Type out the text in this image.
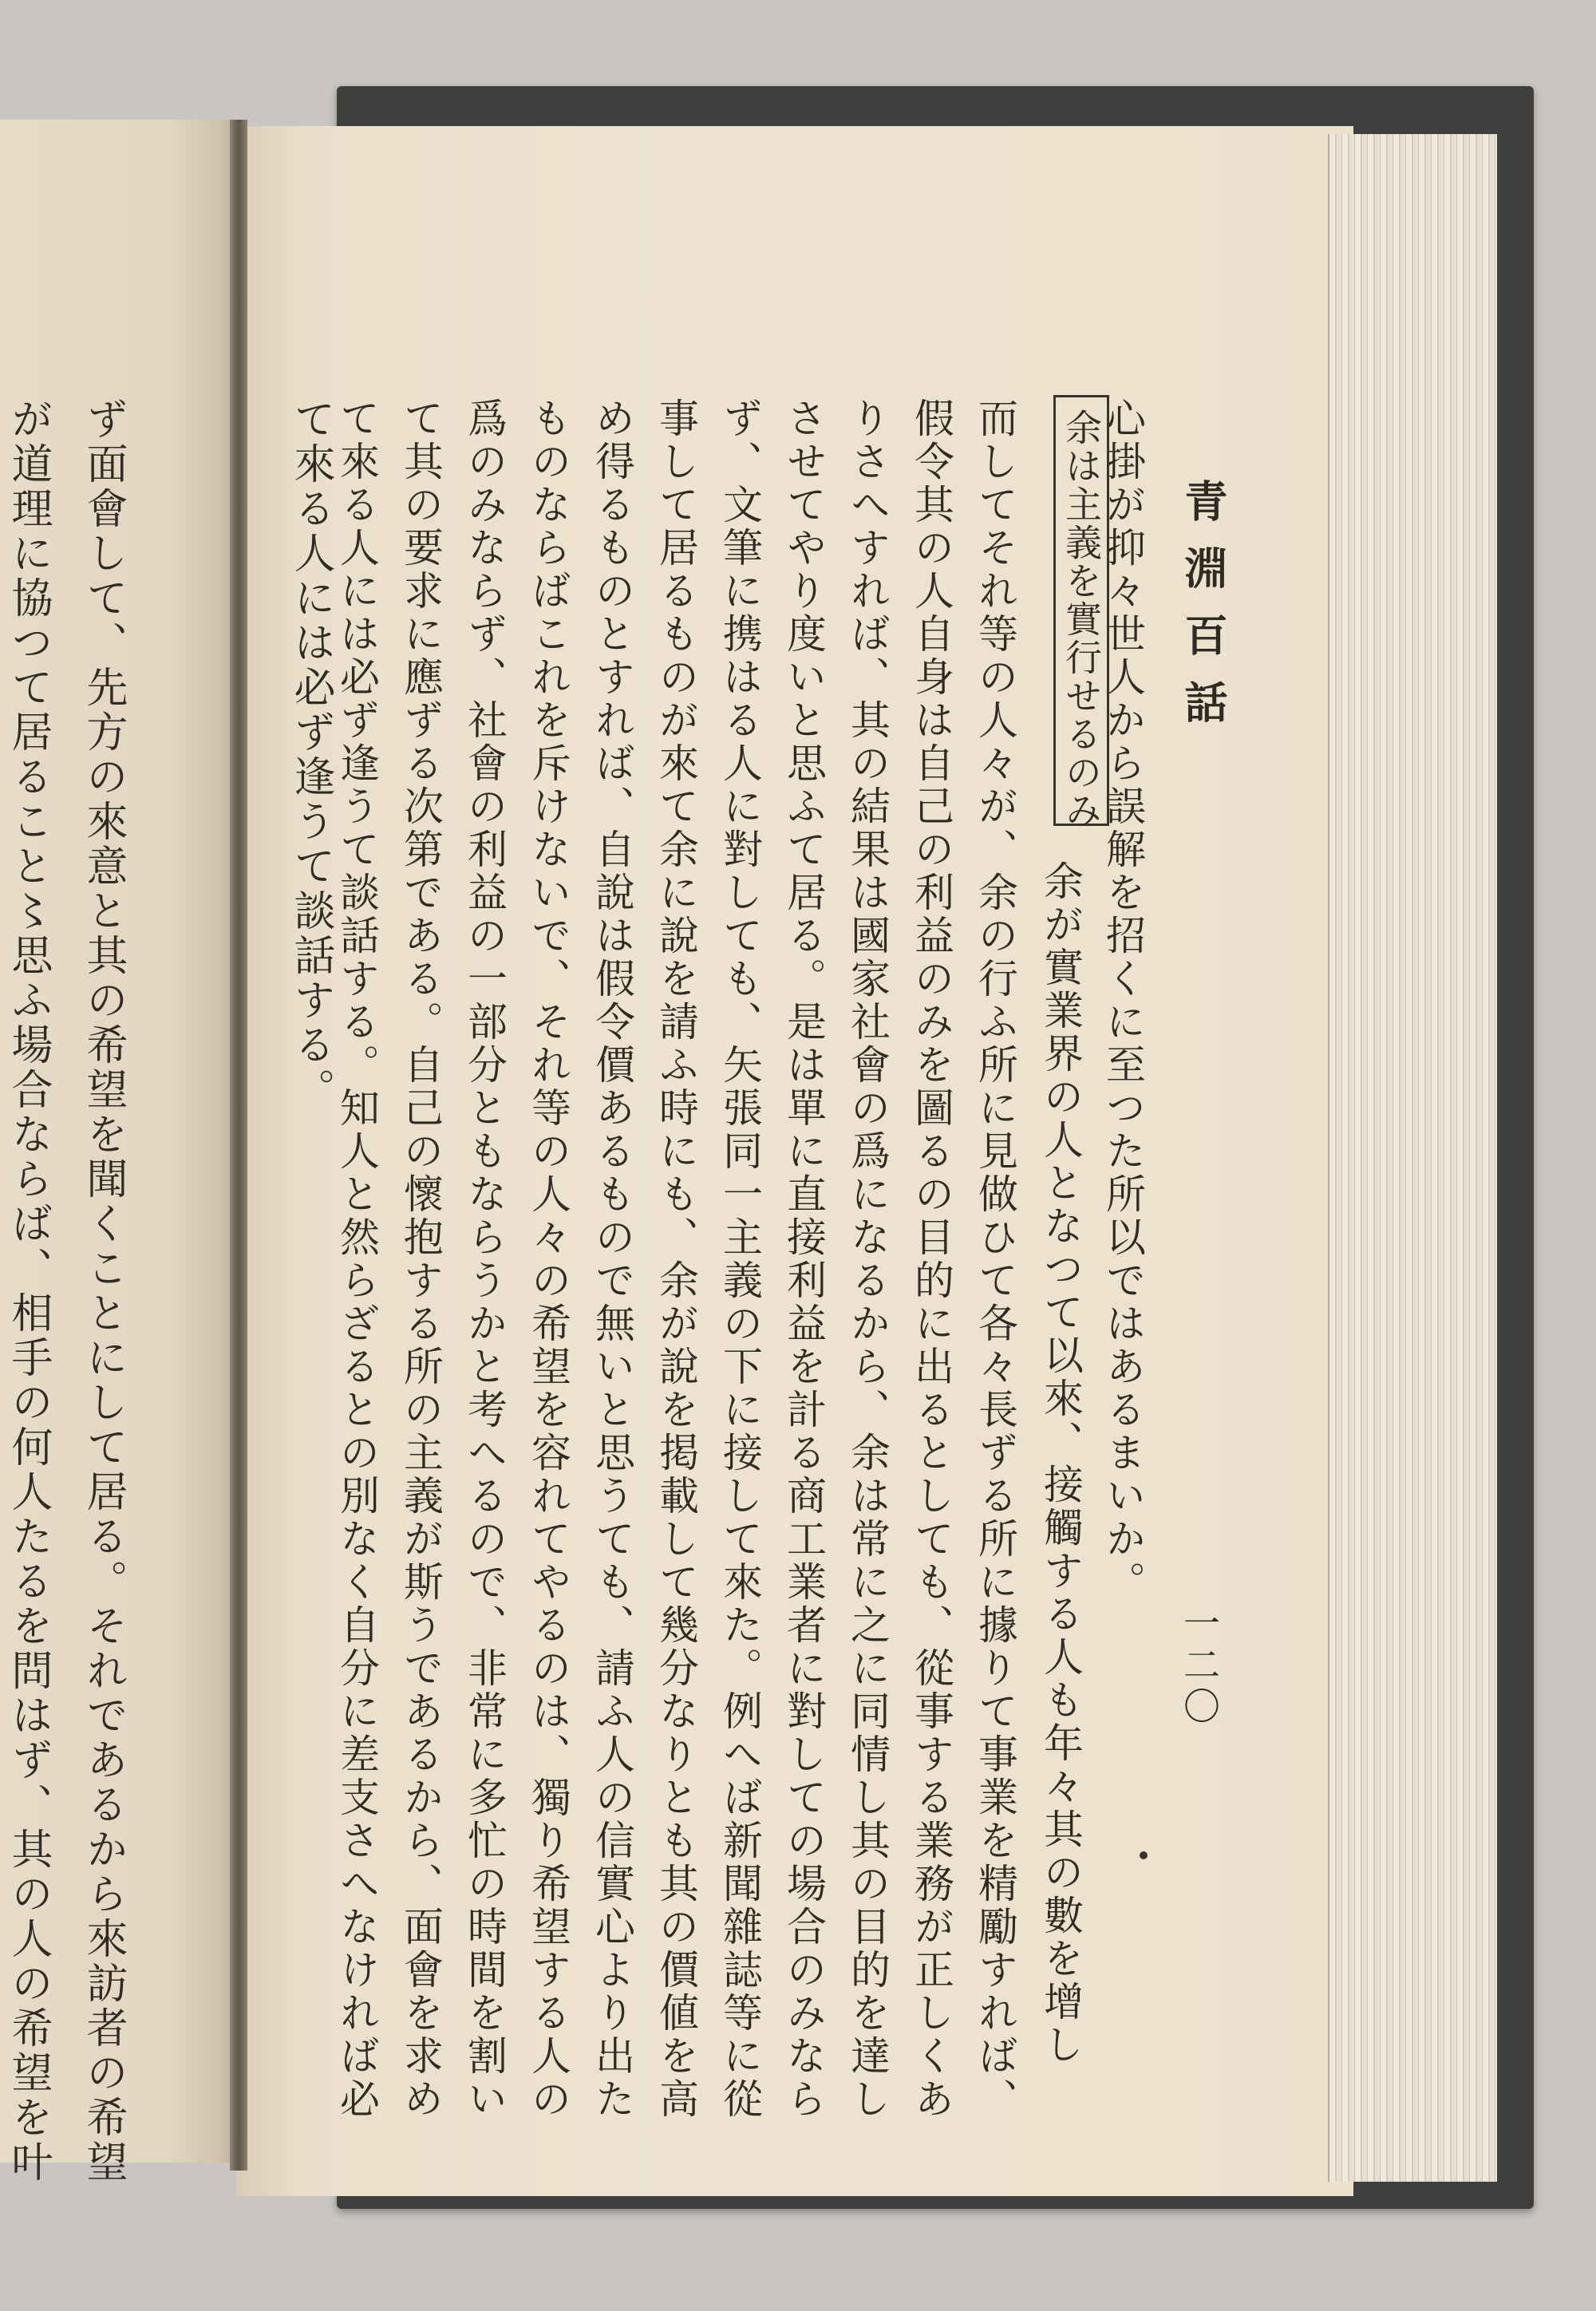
て來る人には必ず逢うて談話する。

ず面會して、先方の來意と其の希望を聞くことにして居る。それであるから來訪者の希望

が道理に協つて居ること〻思ふ場合ならば、相手の何人たるを問はず、其の人の希望を叶	青淵百話

一二〇

心掛が抑々世人から誤解を招くに至つた所以ではあるまいか。

余は主義を實行せるのみ

余が實業界の人となつて以來、接觸する人も年々其の數を增し

而してそれ等の人々が、余の行ふ所に見做ひて各々長ずる所に據りて事業を精勵すれば、

假令其の人自身は自己の利益のみを圖るの目的に出るとしても、從事する業務が正しくあ

りさへすれば、其の結果は國家社會の爲になるから、余は常に之に同情し其の目的を達し

させてやり度いと思ふて居る。是は單に直接利益を計る商工業者に對しての場合のみなら

ず、文筆に携はる人に對しても、矢張同一主義の下に接して來た。例へば新聞雜誌等に從

事して居るものが來て余に說を請ふ時にも、余が說を掲載して幾分なりとも其の價値を高

め得るものとすれば、自說は假令價あるもので無いと思うても、請ふ人の信實心より出た

ものならばこれを斥けないで、それ等の人々の希望を容れてやるのは、獨り希望する人の

爲のみならず、社會の利益の一部分ともならうかと考へるので、非常に多忙の時間を割い

て其の要求に應ずる次第である。自己の懷抱する所の主義が斯うであるから、面會を求め

て來る人には必ず逢うて談話する。知人と然らざるとの別なく自分に差支さへなければ必
